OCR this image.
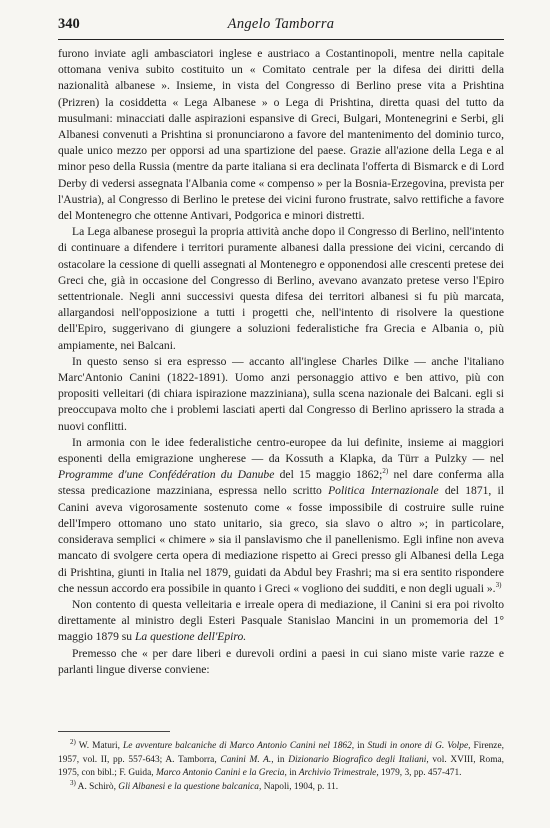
340	Angelo Tamborra

furono inviate agli ambasciatori inglese e austriaco a Costantinopoli, mentre nella capitale ottomana veniva subito costituito un « Comitato centrale per la difesa dei diritti della nazionalità albanese ». Insieme, in vista del Congresso di Berlino prese vita a Prishtina (Prizren) la cosiddetta « Lega Albanese » o Lega di Prishtina, diretta quasi del tutto da musulmani: minacciati dalle aspirazioni espansive di Greci, Bulgari, Montenegrini e Serbi, gli Albanesi convenuti a Prishtina si pronunciarono a favore del mantenimento del dominio turco, quale unico mezzo per opporsi ad una spartizione del paese. Grazie all'azione della Lega e al minor peso della Russia (mentre da parte italiana si era declinata l'offerta di Bismarck e di Lord Derby di vedersi assegnata l'Albania come « compenso » per la Bosnia-Erzegovina, prevista per l'Austria), al Congresso di Berlino le pretese dei vicini furono frustrate, salvo rettifiche a favore del Montenegro che ottenne Antivari, Podgorica e minori distretti.

La Lega albanese proseguì la propria attività anche dopo il Congresso di Berlino, nell'intento di continuare a difendere i territori puramente albanesi dalla pressione dei vicini, cercando di ostacolare la cessione di quelli assegnati al Montenegro e opponendosi alle crescenti pretese dei Greci che, già in occasione del Congresso di Berlino, avevano avanzato pretese verso l'Epiro settentrionale. Negli anni successivi questa difesa dei territori albanesi si fu più marcata, allargandosi nell'opposizione a tutti i progetti che, nell'intento di risolvere la questione dell'Epiro, suggerivano di giungere a soluzioni federalistiche fra Grecia e Albania o, più ampiamente, nei Balcani.

In questo senso si era espresso — accanto all'inglese Charles Dilke — anche l'italiano Marc'Antonio Canini (1822-1891). Uomo anzi personaggio attivo e ben attivo, più con propositi velleitari (di chiara ispirazione mazziniana), sulla scena nazionale dei Balcani. egli si preoccupava molto che i problemi lasciati aperti dal Congresso di Berlino aprissero la strada a nuovi conflitti.

In armonia con le idee federalistiche centro-europee da lui definite, insieme ai maggiori esponenti della emigrazione ungherese — da Kossuth a Klapka, da Türr a Pulzky — nel Programme d'une Confédération du Danube del 15 maggio 1862;$^{2)}$ nel dare conferma alla stessa predicazione mazziniana, espressa nello scritto Politica Internazionale del 1871, il Canini aveva vigorosamente sostenuto come « fosse impossibile di costruire sulle ruine dell'Impero ottomano uno stato unitario, sia greco, sia slavo o altro »; in particolare, considerava semplici « chimere » sia il panslavismo che il panellenismo. Egli infine non aveva mancato di svolgere certa opera di mediazione rispetto ai Greci presso gli Albanesi della Lega di Prishtina, giunti in Italia nel 1879, guidati da Abdul bey Frashri; ma si era sentito rispondere che nessun accordo era possibile in quanto i Greci « vogliono dei sudditi, e non degli uguali ».$^{3)}$

Non contento di questa velleitaria e irreale opera di mediazione, il Canini si era poi rivolto direttamente al ministro degli Esteri Pasquale Stanislao Mancini in un promemoria del 1° maggio 1879 su La questione dell'Epiro.

Premesso che « per dare liberi e durevoli ordini a paesi in cui siano miste varie razze e parlanti lingue diverse conviene:

$^{2)}$ W. Maturi, Le avventure balcaniche di Marco Antonio Canini nel 1862, in Studi in onore di G. Volpe, Firenze, 1957, vol. II, pp. 557-643; A. Tamborra, Canini M. A., in Dizionario Biografico degli Italiani, vol. XVIII, Roma, 1975, con bibl.; F. Guida, Marco Antonio Canini e la Grecia, in Archivio Trimestrale, 1979, 3, pp. 457-471.

$^{3)}$ A. Schirò, Gli Albanesi e la questione balcanica, Napoli, 1904, p. 11.
